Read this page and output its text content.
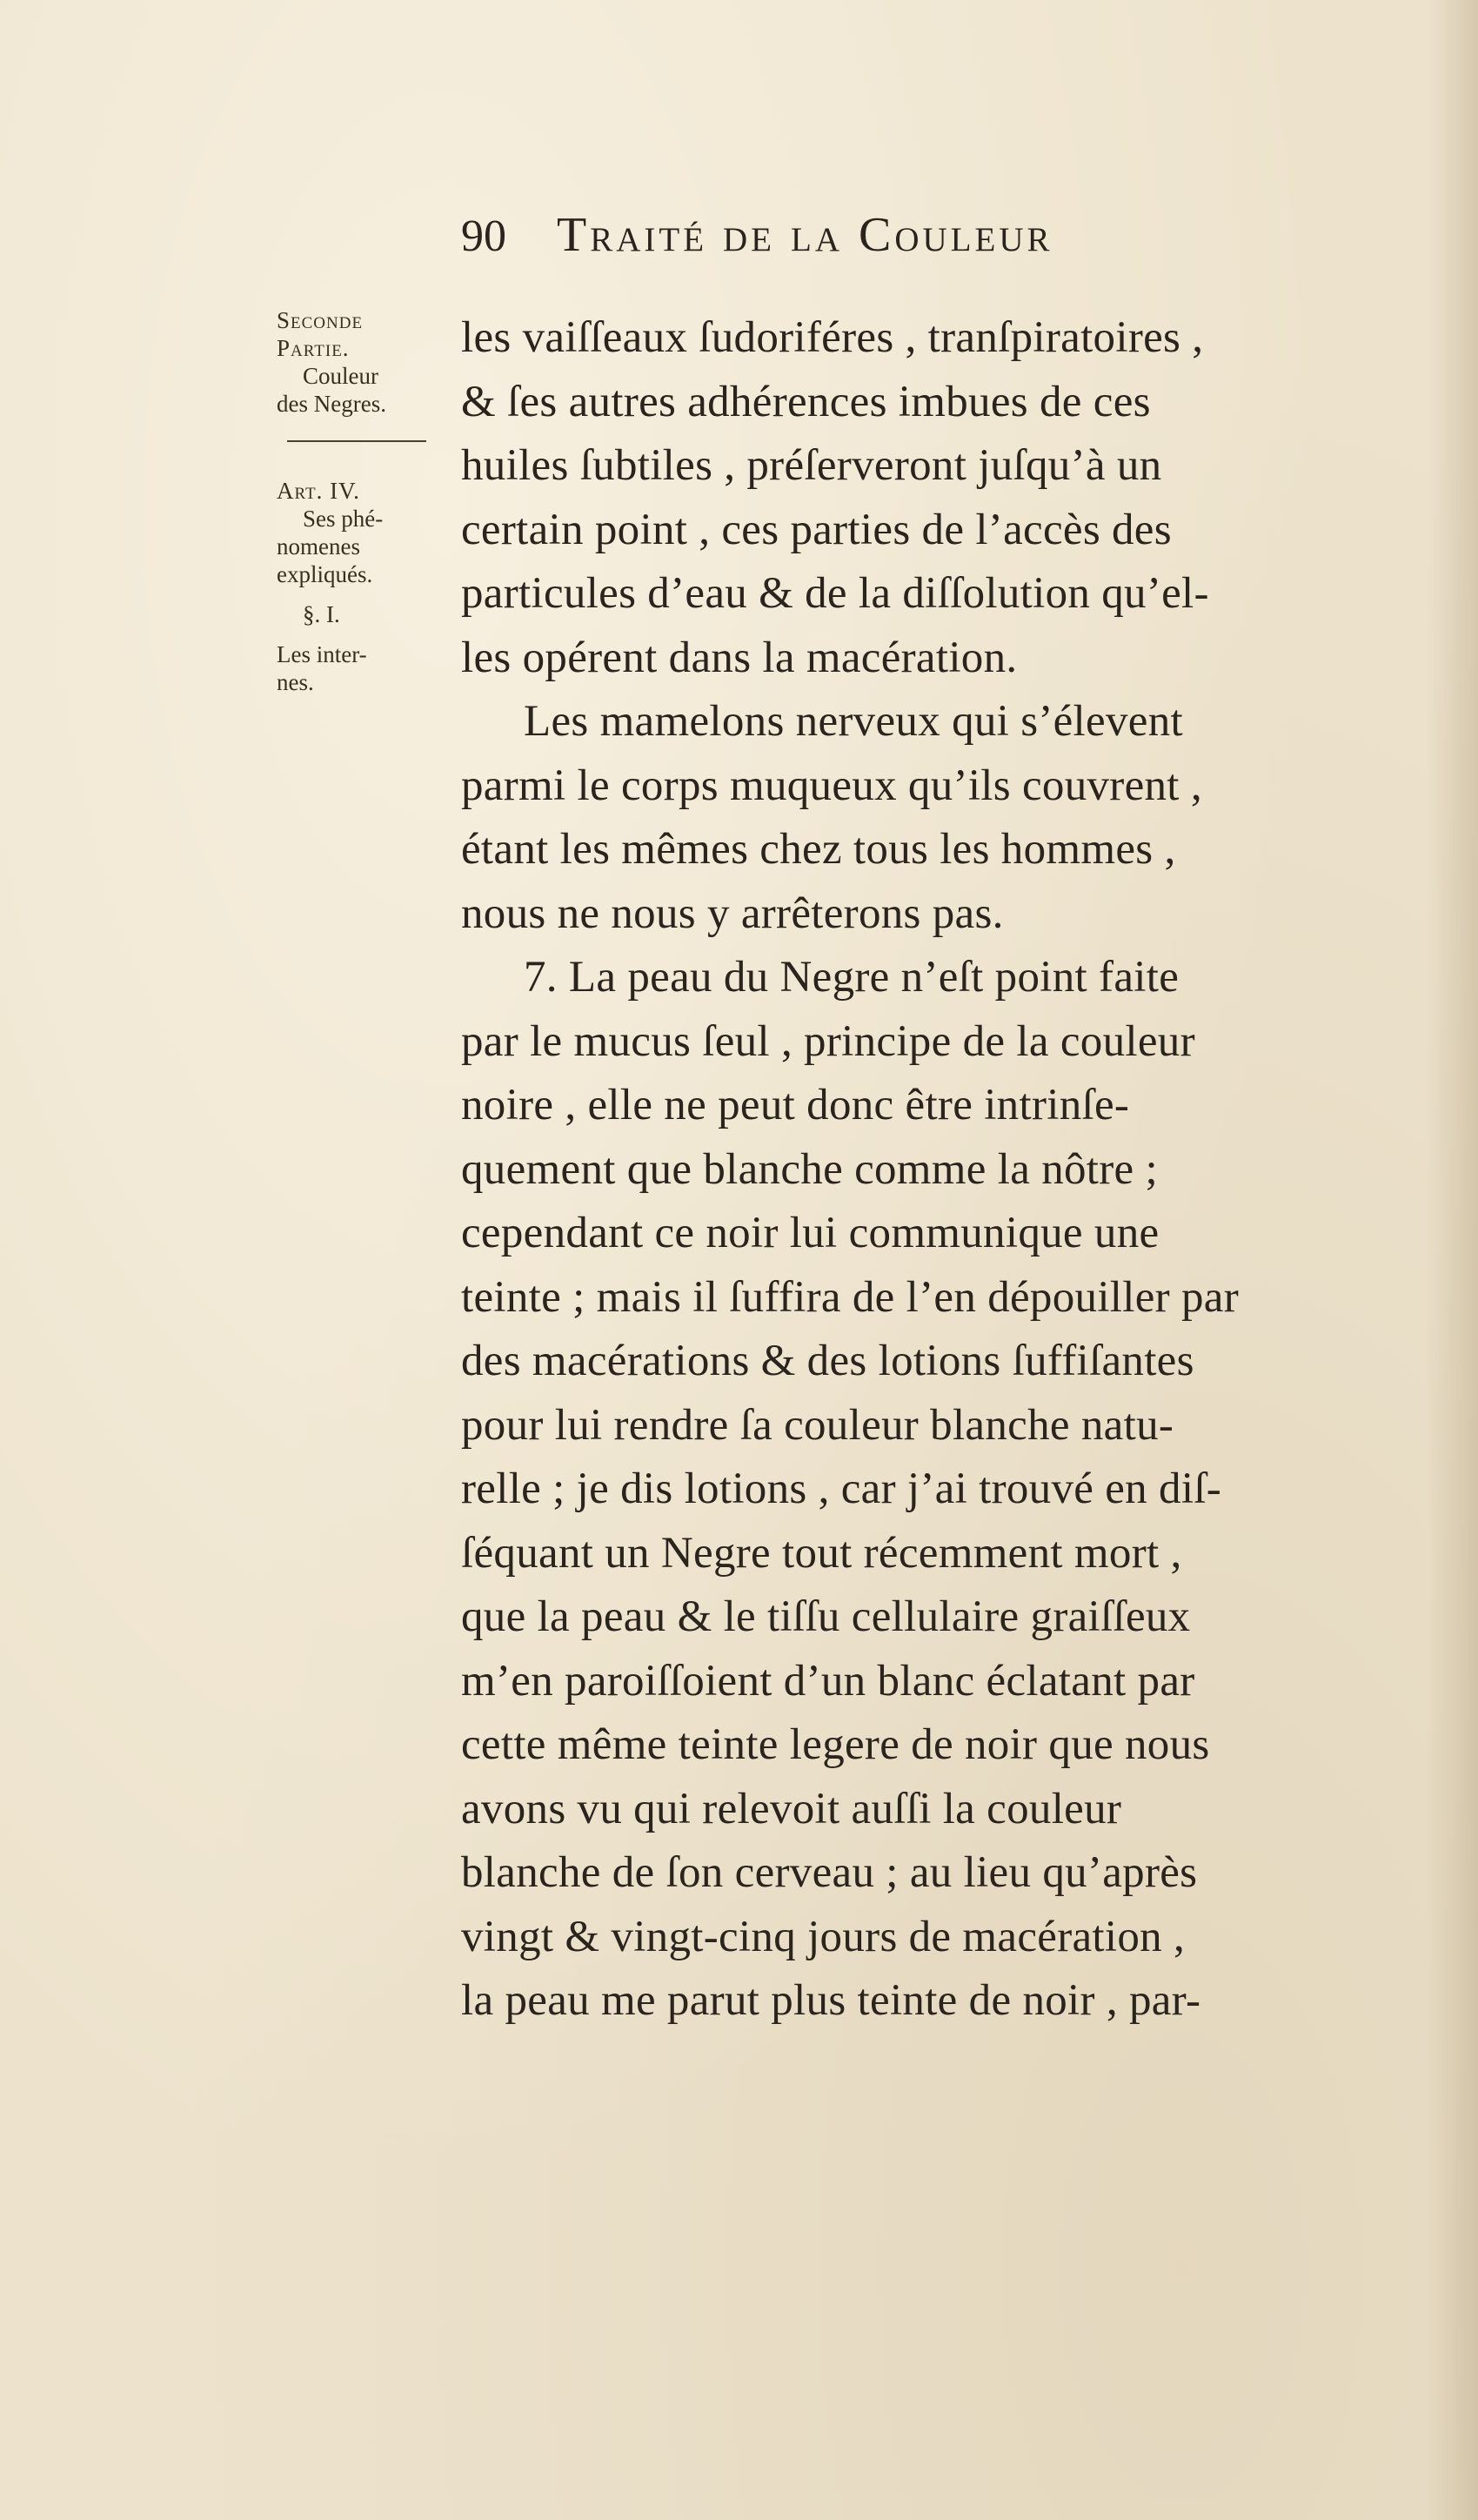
90 Traité de la Couleur
Seconde
Partie.
Couleur
des Negres.
Art. IV.
Ses phé-
nomenes
expliqués.
§. I.
Les inter-
nes.
les vaiſſeaux ſudoriféres , tranſpiratoires ,
& ſes autres adhérences imbues de ces
huiles ſubtiles , préſerveront juſqu’à un
certain point , ces parties de l’accès des
particules d’eau & de la diſſolution qu’el-
les opérent dans la macération.
Les mamelons nerveux qui s’élevent
parmi le corps muqueux qu’ils couvrent ,
étant les mêmes chez tous les hommes ,
nous ne nous y arrêterons pas.
7. La peau du Negre n’eſt point faite
par le mucus ſeul , principe de la couleur
noire , elle ne peut donc être intrinſe-
quement que blanche comme la nôtre ;
cependant ce noir lui communique une
teinte ; mais il ſuffira de l’en dépouiller par
des macérations & des lotions ſuffiſantes
pour lui rendre ſa couleur blanche natu-
relle ; je dis lotions , car j’ai trouvé en diſ-
ſéquant un Negre tout récemment mort ,
que la peau & le tiſſu cellulaire graiſſeux
m’en paroiſſoient d’un blanc éclatant par
cette même teinte legere de noir que nous
avons vu qui relevoit auſſi la couleur
blanche de ſon cerveau ; au lieu qu’après
vingt & vingt-cinq jours de macération ,
la peau me parut plus teinte de noir , par-
